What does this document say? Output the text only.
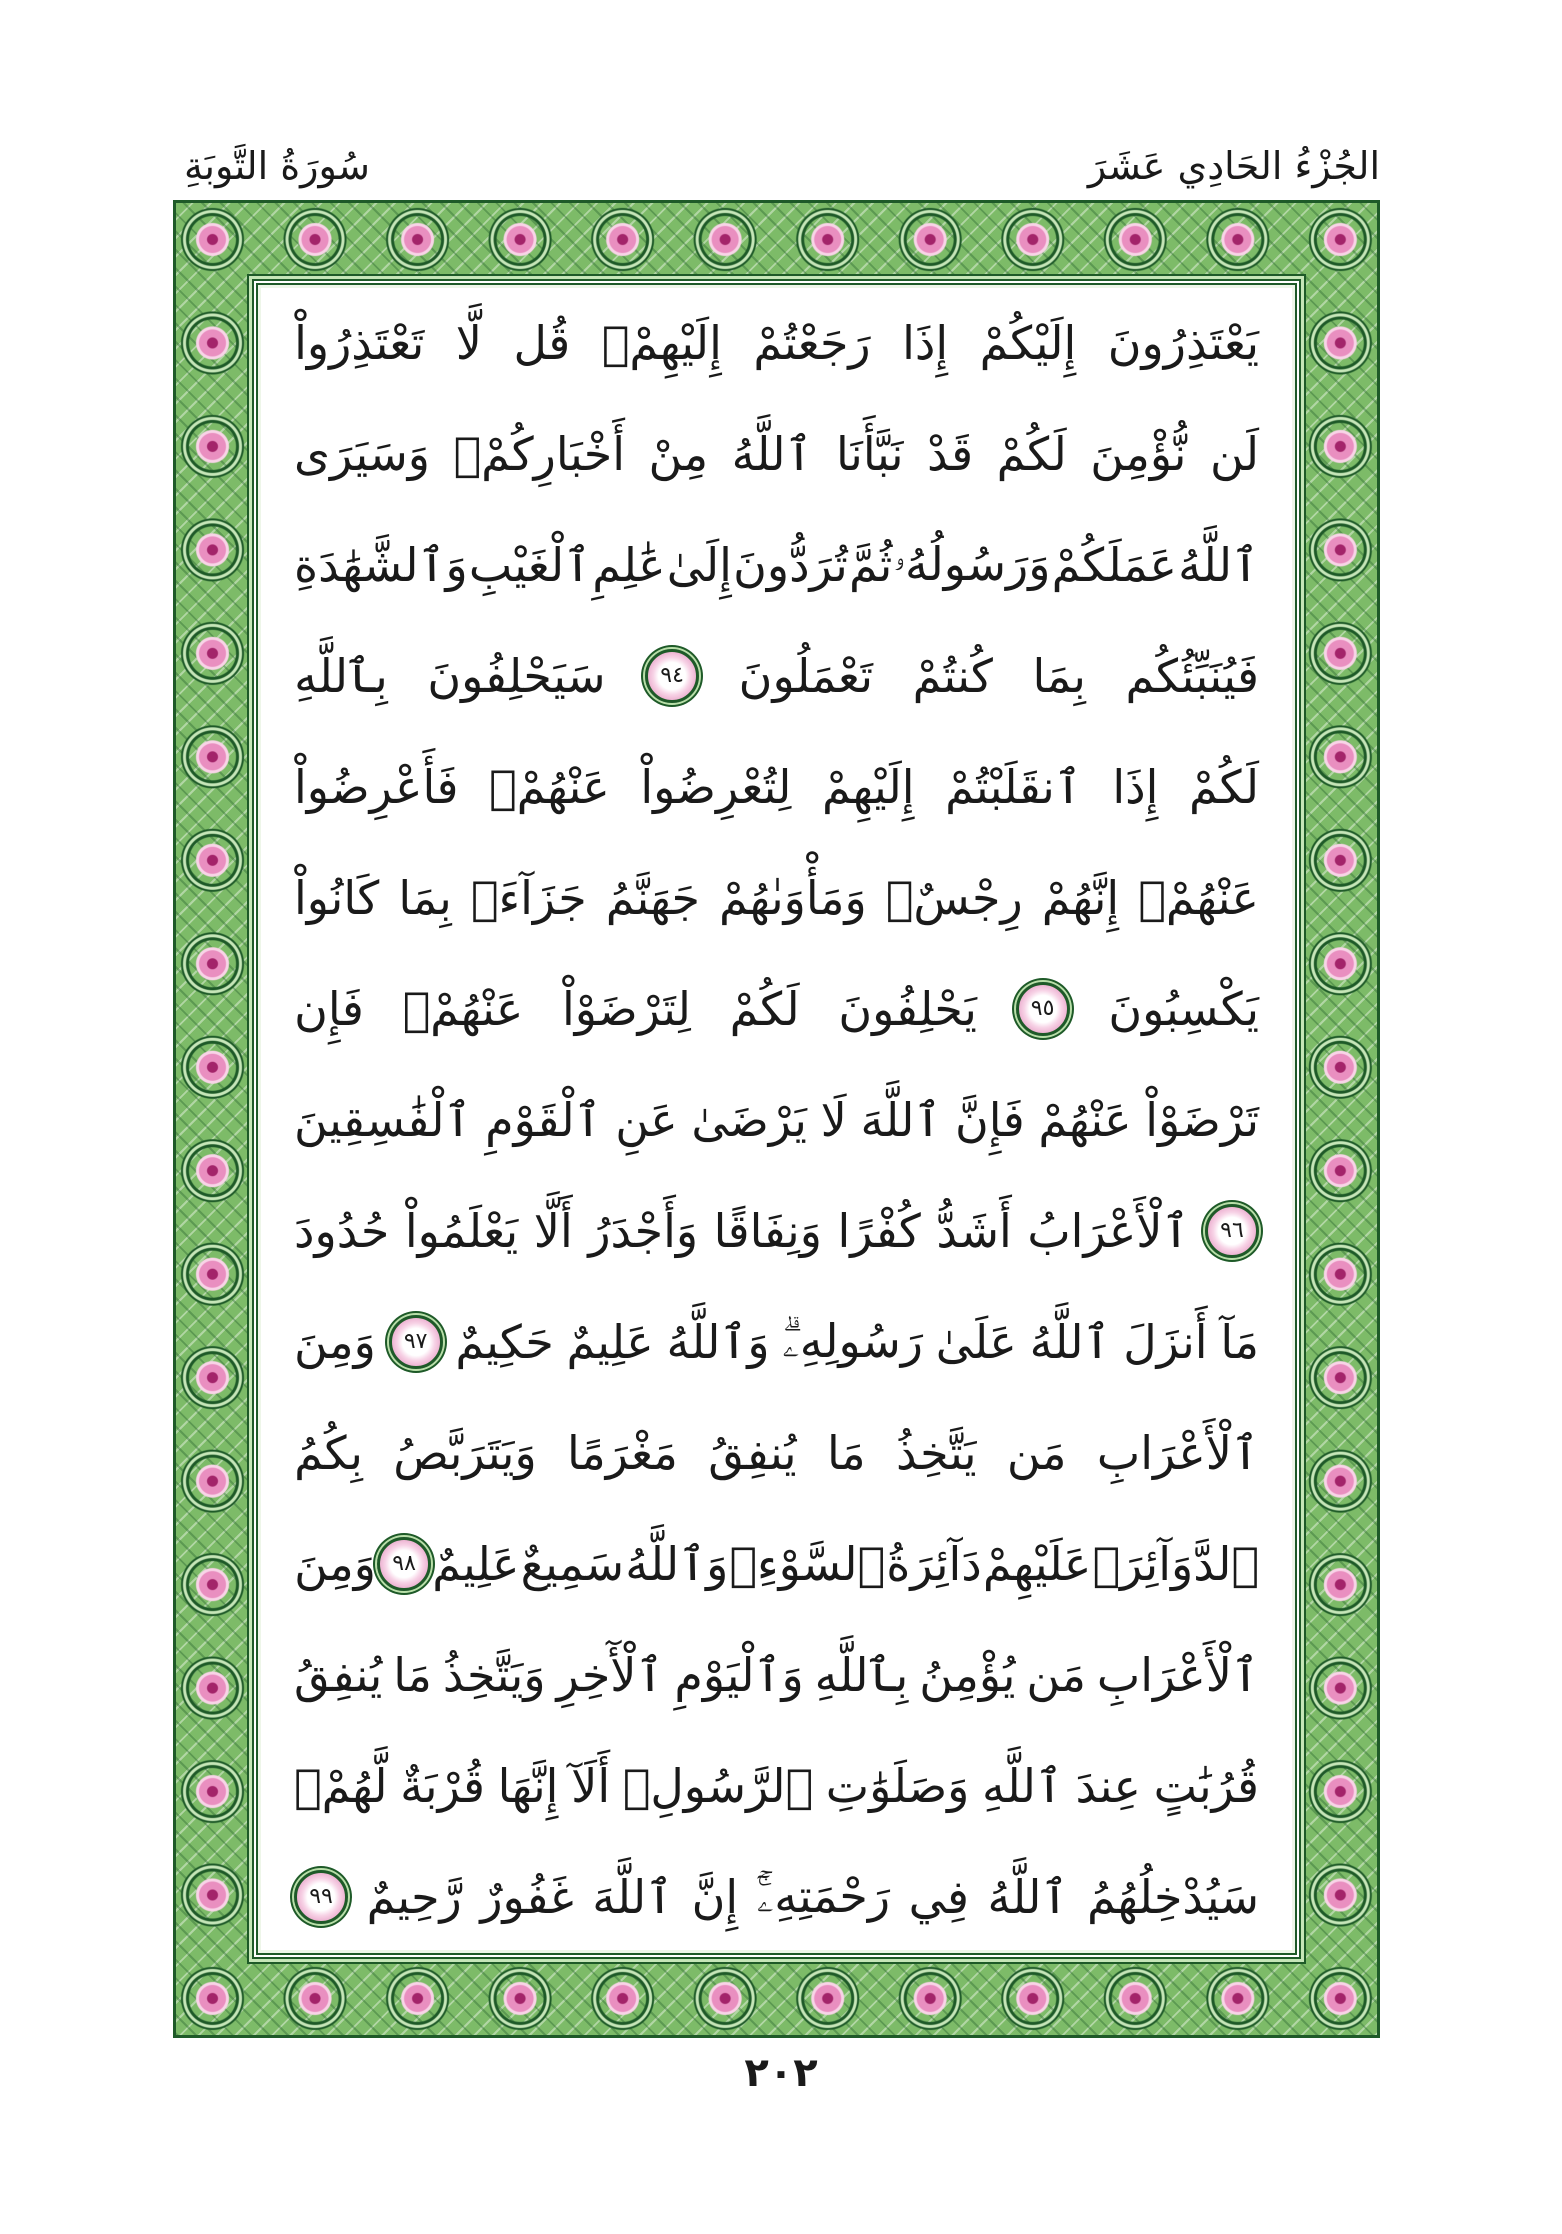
سُورَةُ التَّوبَةِ	الجُزْءُ الحَادِي عَشَرَ
يَعْتَذِرُونَ
إِلَيْكُمْ
إِذَا
رَجَعْتُمْ
إِلَيْهِمْۚ
قُل
لَّا
تَعْتَذِرُواْ
لَن
نُّؤْمِنَ
لَكُمْ
قَدْ
نَبَّأَنَا
ٱللَّهُ
مِنْ
أَخْبَارِكُمْۚ
وَسَيَرَى
ٱللَّهُ
عَمَلَكُمْ
وَرَسُولُهُۥ
ثُمَّ
تُرَدُّونَ
إِلَىٰ
عَٰلِمِ
ٱلْغَيْبِ
وَٱلشَّهَٰدَةِ
فَيُنَبِّئُكُم
بِمَا
كُنتُمْ
تَعْمَلُونَ
٩٤
سَيَحْلِفُونَ
بِٱللَّهِ
لَكُمْ
إِذَا
ٱنقَلَبْتُمْ
إِلَيْهِمْ
لِتُعْرِضُواْ
عَنْهُمْۖ
فَأَعْرِضُواْ
عَنْهُمْۖ
إِنَّهُمْ
رِجْسٌۖ
وَمَأْوَىٰهُمْ
جَهَنَّمُ
جَزَآءَۢ
بِمَا
كَانُواْ
يَكْسِبُونَ
٩٥
يَحْلِفُونَ
لَكُمْ
لِتَرْضَوْاْ
عَنْهُمْۖ
فَإِن
تَرْضَوْاْ
عَنْهُمْ
فَإِنَّ
ٱللَّهَ
لَا
يَرْضَىٰ
عَنِ
ٱلْقَوْمِ
ٱلْفَٰسِقِينَ
٩٦
ٱلْأَعْرَابُ
أَشَدُّ
كُفْرًا
وَنِفَاقًا
وَأَجْدَرُ
أَلَّا
يَعْلَمُواْ
حُدُودَ
مَآ
أَنزَلَ
ٱللَّهُ
عَلَىٰ
رَسُولِهِۦۗ
وَٱللَّهُ
عَلِيمٌ
حَكِيمٌ
٩٧
وَمِنَ
ٱلْأَعْرَابِ
مَن
يَتَّخِذُ
مَا
يُنفِقُ
مَغْرَمًا
وَيَتَرَبَّصُ
بِكُمُ
ٱلدَّوَآئِرَۚ
عَلَيْهِمْ
دَآئِرَةُ
ٱلسَّوْءِۗ
وَٱللَّهُ
سَمِيعٌ
عَلِيمٌ
٩٨
وَمِنَ
ٱلْأَعْرَابِ
مَن
يُؤْمِنُ
بِٱللَّهِ
وَٱلْيَوْمِ
ٱلْأٓخِرِ
وَيَتَّخِذُ
مَا
يُنفِقُ
قُرُبَٰتٍ
عِندَ
ٱللَّهِ
وَصَلَوَٰتِ
ٱلرَّسُولِۚ
أَلَآ
إِنَّهَا
قُرْبَةٌ
لَّهُمْۚ
سَيُدْخِلُهُمُ
ٱللَّهُ
فِي
رَحْمَتِهِۦٓۚ
إِنَّ
ٱللَّهَ
غَفُورٌ
رَّحِيمٌ
٩٩
٢٠٢
